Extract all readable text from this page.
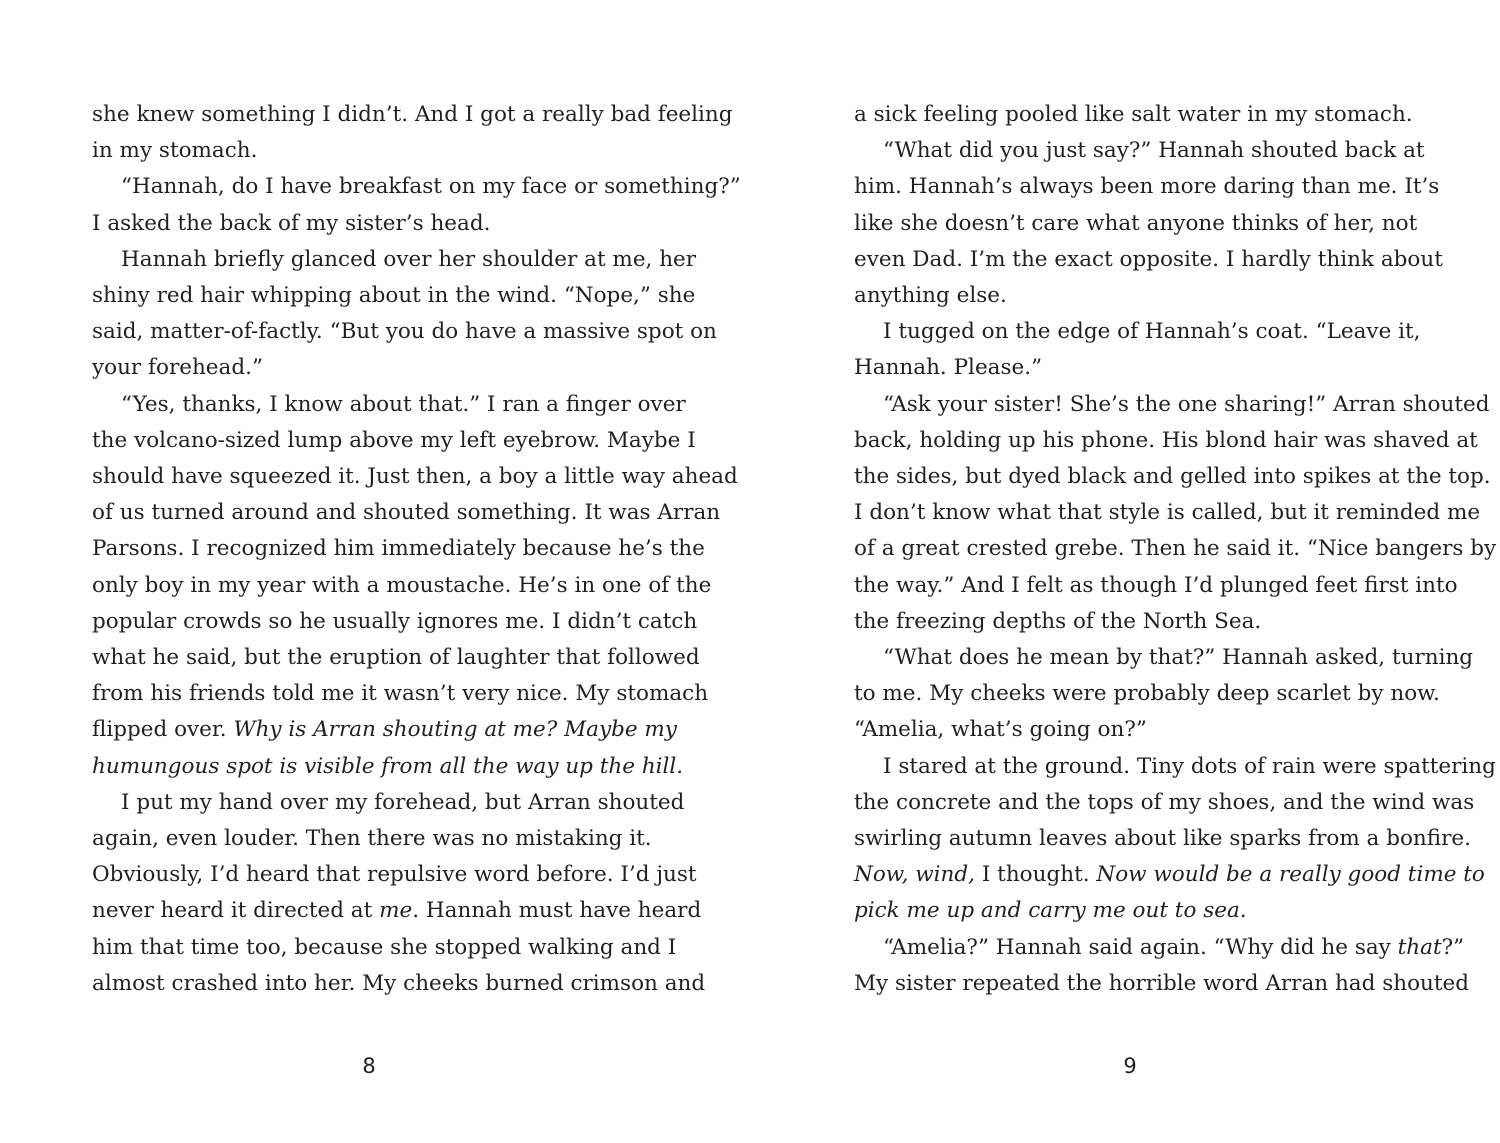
she knew something I didn’t. And I got a really bad feeling
in my stomach.
“Hannah, do I have breakfast on my face or something?”
I asked the back of my sister’s head.
Hannah briefly glanced over her shoulder at me, her
shiny red hair whipping about in the wind. “Nope,” she
said, matter-of-factly. “But you do have a massive spot on
your forehead.”
“Yes, thanks, I know about that.” I ran a finger over
the volcano-sized lump above my left eyebrow. Maybe I
should have squeezed it. Just then, a boy a little way ahead
of us turned around and shouted something. It was Arran
Parsons. I recognized him immediately because he’s the
only boy in my year with a moustache. He’s in one of the
popular crowds so he usually ignores me. I didn’t catch
what he said, but the eruption of laughter that followed
from his friends told me it wasn’t very nice. My stomach
flipped over. Why is Arran shouting at me? Maybe my
humungous spot is visible from all the way up the hill.
I put my hand over my forehead, but Arran shouted
again, even louder. Then there was no mistaking it.
Obviously, I’d heard that repulsive word before. I’d just
never heard it directed at me. Hannah must have heard
him that time too, because she stopped walking and I
almost crashed into her. My cheeks burned crimson and
a sick feeling pooled like salt water in my stomach.
“What did you just say?” Hannah shouted back at
him. Hannah’s always been more daring than me. It’s
like she doesn’t care what anyone thinks of her, not
even Dad. I’m the exact opposite. I hardly think about
anything else.
I tugged on the edge of Hannah’s coat. “Leave it,
Hannah. Please.”
“Ask your sister! She’s the one sharing!” Arran shouted
back, holding up his phone. His blond hair was shaved at
the sides, but dyed black and gelled into spikes at the top.
I don’t know what that style is called, but it reminded me
of a great crested grebe. Then he said it. “Nice bangers by
the way.” And I felt as though I’d plunged feet first into
the freezing depths of the North Sea.
“What does he mean by that?” Hannah asked, turning
to me. My cheeks were probably deep scarlet by now.
“Amelia, what’s going on?”
I stared at the ground. Tiny dots of rain were spattering
the concrete and the tops of my shoes, and the wind was
swirling autumn leaves about like sparks from a bonfire.
Now, wind, I thought. Now would be a really good time to
pick me up and carry me out to sea.
“Amelia?” Hannah said again. “Why did he say that?”
My sister repeated the horrible word Arran had shouted
8	9
